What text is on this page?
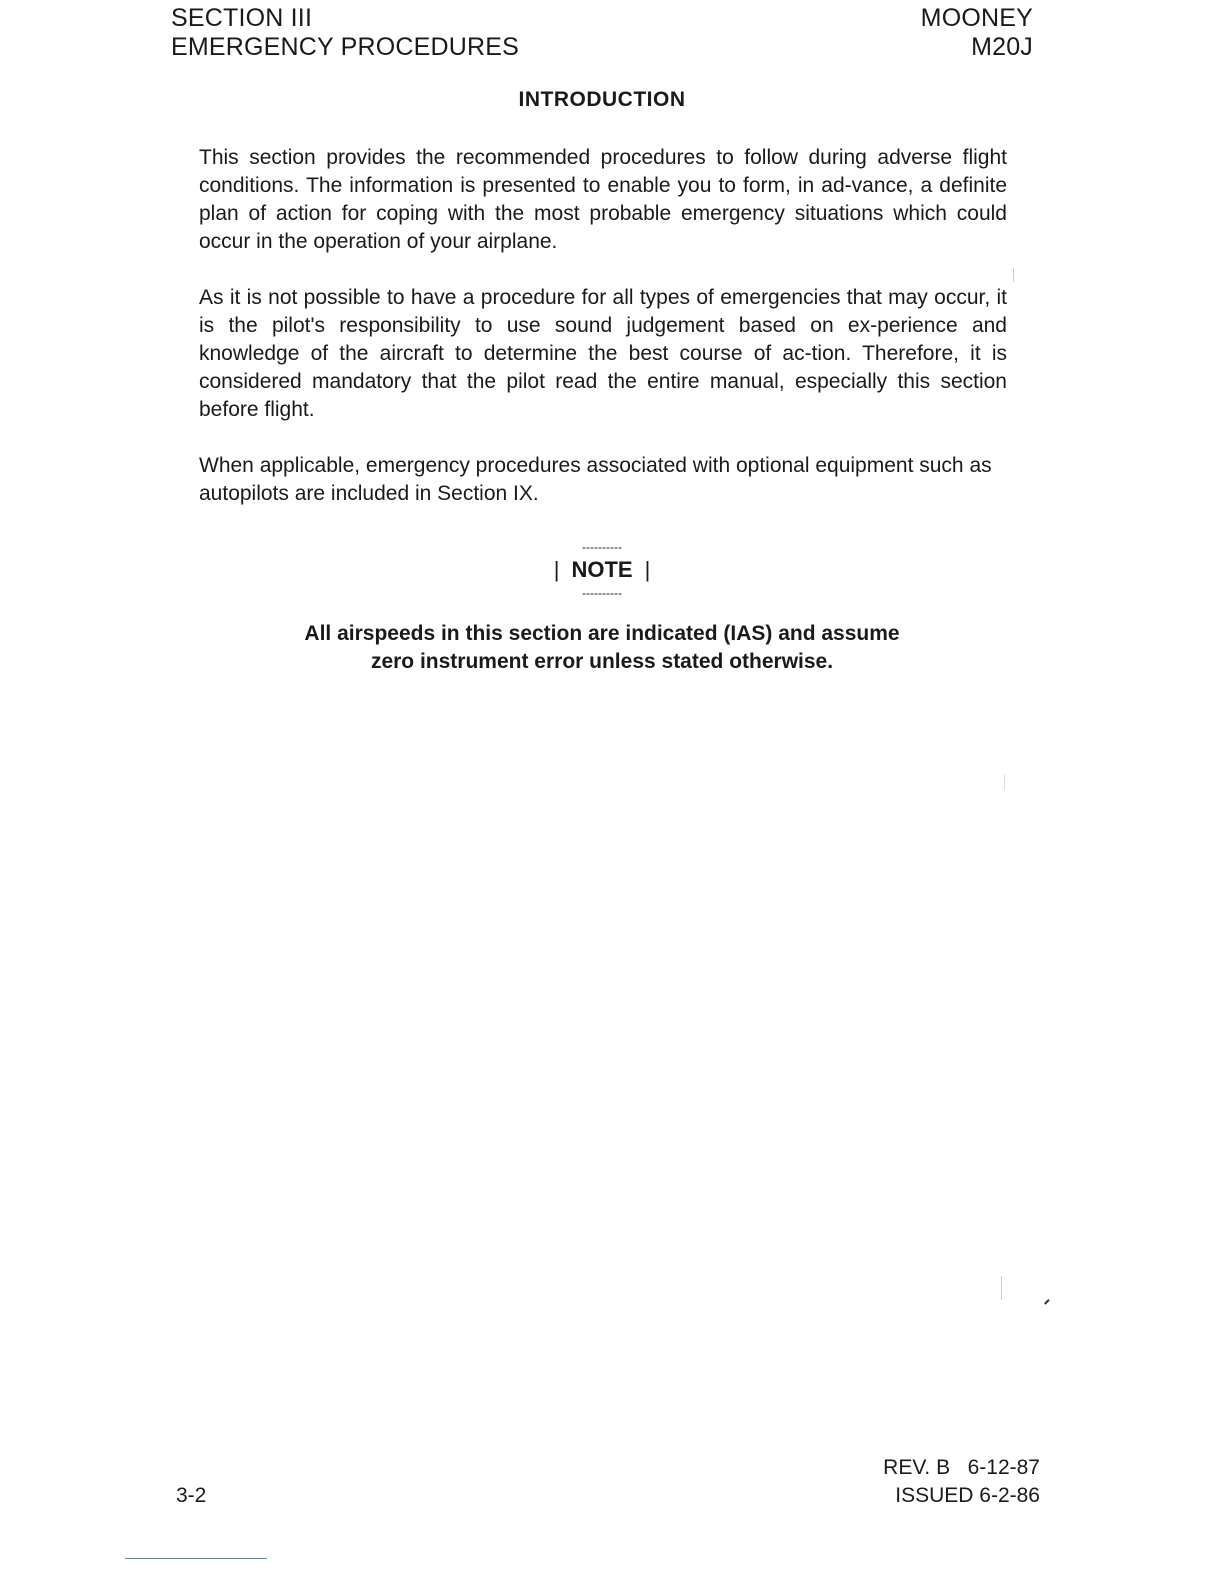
SECTION III
EMERGENCY PROCEDURES
MOONEY
M20J
INTRODUCTION
This section provides the recommended procedures to follow during adverse flight conditions. The information is presented to enable you to form, in ad-vance, a definite plan of action for coping with the most probable emergency situations which could occur in the operation of your airplane.
As it is not possible to have a procedure for all types of emergencies that may occur, it is the pilot's responsibility to use sound judgement based on ex-perience and knowledge of the aircraft to determine the best course of ac-tion. Therefore, it is considered mandatory that the pilot read the entire manual, especially this section before flight.
When applicable, emergency procedures associated with optional equipment such as autopilots are included in Section IX.
----------
| NOTE |
----------
All airspeeds in this section are indicated (IAS) and assume
zero instrument error unless stated otherwise.
3-2
REV. B   6-12-87
ISSUED 6-2-86
